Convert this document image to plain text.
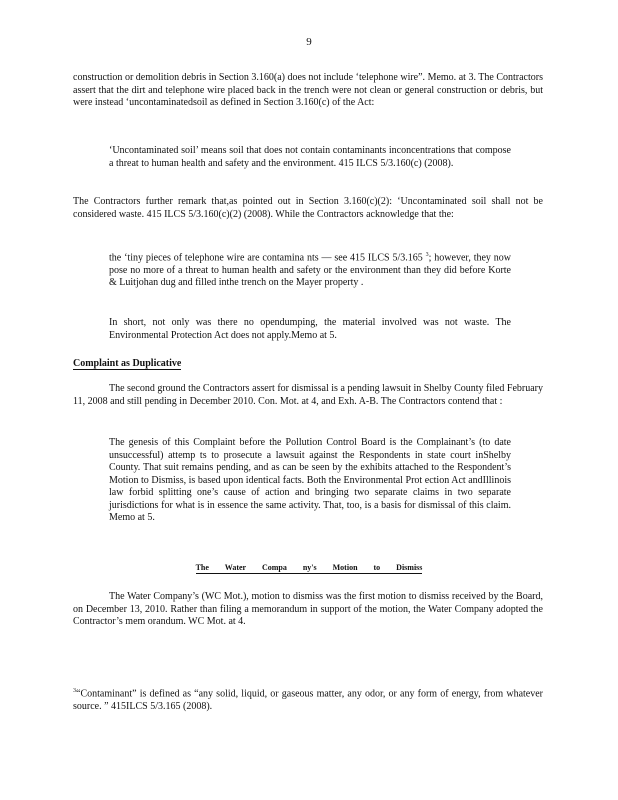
9

construction or demolition debris in Section 3.160(a) does not include ‘telephone wire”. Memo. at 3. The Contractors assert that the dirt and telephone wire placed back in the trench were not clean or general construction or debris, but were instead ‘uncontaminatedsoil as defined in Section 3.160(c) of the Act:

‘Uncontaminated soil’ means soil that does not contain contaminants inconcentrations that compose a threat to human health and safety and the environment. 415 ILCS 5/3.160(c) (2008).

The Contractors further remark that,as pointed out in Section 3.160(c)(2): ‘Uncontaminated soil shall not be considered waste. 415 ILCS 5/3.160(c)(2) (2008). While the Contractors acknowledge that the:

the ‘tiny pieces of telephone wire are contamina nts — see 415 ILCS 5/3.165 $^3$; however, they now pose no more of a threat to human health and safety or the environment than they did before Korte & Luitjohan dug and filled inthe trench on the Mayer property .

In short, not only was there no opendumping, the material involved was not waste. The Environmental Protection Act does not apply.Memo at 5.

Complaint as Duplicative

The second ground the Contractors assert for dismissal is a pending lawsuit in Shelby County filed February 11, 2008 and still pending in December 2010. Con. Mot. at 4, and Exh. A-B. The Contractors contend that :

The genesis of this Complaint before the Pollution Control Board is the Complainant’s (to date unsuccessful) attemp ts to prosecute a lawsuit against the Respondents in state court inShelby County. That suit remains pending, and as can be seen by the exhibits attached to the Respondent’s Motion to Dismiss, is based upon identical facts. Both the Environmental Prot ection Act andIllinois law forbid splitting one’s cause of action and bringing two separate claims in two separate jurisdictions for what is in essence the same activity. That, too, is a basis for dismissal of this claim. Memo at 5.

The Water Compa ny's Motion to Dismiss

The Water Company’s (WC Mot.), motion to dismiss was the first motion to dismiss received by the Board, on December 13, 2010. Rather than filing a memorandum in support of the motion, the Water Company adopted the Contractor’s mem orandum. WC Mot. at 4.

$^3$“Contaminant” is defined as “any solid, liquid, or gaseous matter, any odor, or any form of energy, from whatever source. ” 415ILCS 5/3.165 (2008).
